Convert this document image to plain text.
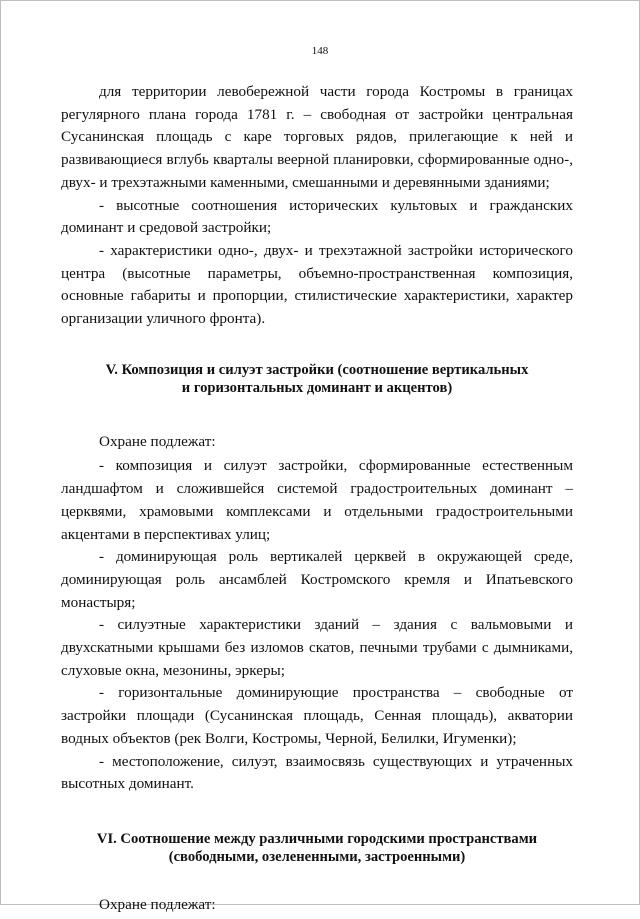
148

для территории левобережной части города Костромы в границах регулярного плана города 1781 г. – свободная от застройки центральная Сусанинская площадь с каре торговых рядов, прилегающие к ней и развивающиеся вглубь кварталы веерной планировки, сформированные одно-, двух- и трехэтажными каменными, смешанными и деревянными зданиями;

- высотные соотношения исторических культовых и гражданских доминант и средовой застройки;

- характеристики одно-, двух- и трехэтажной застройки исторического центра (высотные параметры, объемно-пространственная композиция, основные габариты и пропорции, стилистические характеристики, характер организации уличного фронта).

V. Композиция и силуэт застройки (соотношение вертикальных
и горизонтальных доминант и акцентов)

Охране подлежат:

- композиция и силуэт застройки, сформированные естественным ландшафтом и сложившейся системой градостроительных доминант – церквями, храмовыми комплексами и отдельными градостроительными акцентами в перспективах улиц;

- доминирующая роль вертикалей церквей в окружающей среде, доминирующая роль ансамблей Костромского кремля и Ипатьевского монастыря;

- силуэтные характеристики зданий – здания с вальмовыми и двухскатными крышами без изломов скатов, печными трубами с дымниками, слуховые окна, мезонины, эркеры;

- горизонтальные доминирующие пространства – свободные от застройки площади (Сусанинская площадь, Сенная площадь), акватории водных объектов (рек Волги, Костромы, Черной, Белилки, Игуменки);

- местоположение, силуэт, взаимосвязь существующих и утраченных высотных доминант.

VI. Соотношение между различными городскими пространствами
(свободными, озелененными, застроенными)

Охране подлежат:
